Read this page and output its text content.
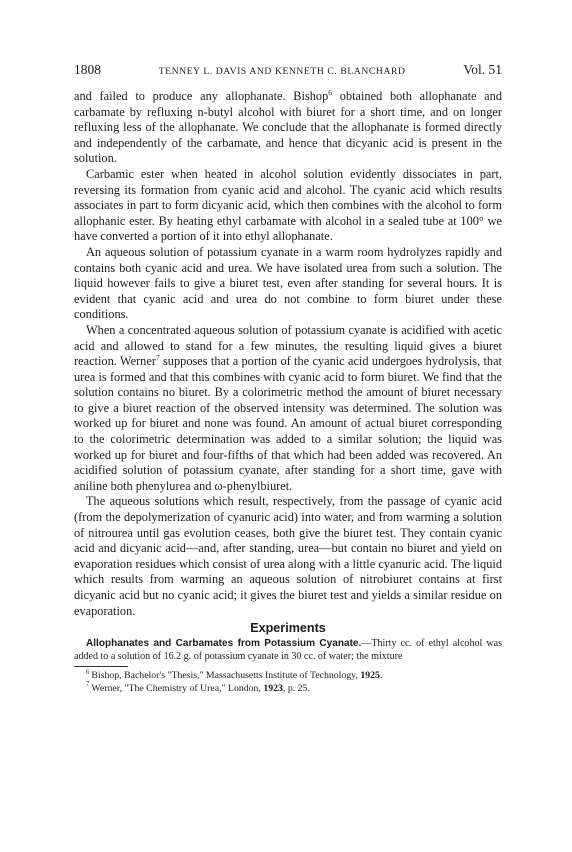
1808	TENNEY L. DAVIS AND KENNETH C. BLANCHARD	Vol. 51

and failed to produce any allophanate. Bishop$^6$ obtained both allophanate and carbamate by refluxing n-butyl alcohol with biuret for a short time, and on longer refluxing less of the allophanate. We conclude that the allophanate is formed directly and independently of the carbamate, and hence that dicyanic acid is present in the solution.

Carbamic ester when heated in alcohol solution evidently dissociates in part, reversing its formation from cyanic acid and alcohol. The cyanic acid which results associates in part to form dicyanic acid, which then combines with the alcohol to form allophanic ester. By heating ethyl carbamate with alcohol in a sealed tube at 100° we have converted a portion of it into ethyl allophanate.

An aqueous solution of potassium cyanate in a warm room hydrolyzes rapidly and contains both cyanic acid and urea. We have isolated urea from such a solution. The liquid however fails to give a biuret test, even after standing for several hours. It is evident that cyanic acid and urea do not combine to form biuret under these conditions.

When a concentrated aqueous solution of potassium cyanate is acidified with acetic acid and allowed to stand for a few minutes, the resulting liquid gives a biuret reaction. Werner$^7$ supposes that a portion of the cyanic acid undergoes hydrolysis, that urea is formed and that this combines with cyanic acid to form biuret. We find that the solution contains no biuret. By a colorimetric method the amount of biuret necessary to give a biuret reaction of the observed intensity was determined. The solution was worked up for biuret and none was found. An amount of actual biuret corresponding to the colorimetric determination was added to a similar solution; the liquid was worked up for biuret and four-fifths of that which had been added was recovered. An acidified solution of potassium cyanate, after standing for a short time, gave with aniline both phenylurea and ω-phenylbiuret.

The aqueous solutions which result, respectively, from the passage of cyanic acid (from the depolymerization of cyanuric acid) into water, and from warming a solution of nitrourea until gas evolution ceases, both give the biuret test. They contain cyanic acid and dicyanic acid—and, after standing, urea—but contain no biuret and yield on evaporation residues which consist of urea along with a little cyanuric acid. The liquid which results from warming an aqueous solution of nitrobiuret contains at first dicyanic acid but no cyanic acid; it gives the biuret test and yields a similar residue on evaporation.

Experiments

Allophanates and Carbamates from Potassium Cyanate.—Thirty cc. of ethyl alcohol was added to a solution of 16.2 g. of potassium cyanate in 30 cc. of water; the mixture

$^6$ Bishop, Bachelor's "Thesis," Massachusetts Institute of Technology, 1925.

$^7$ Werner, "The Chemistry of Urea," London, 1923, p. 25.
